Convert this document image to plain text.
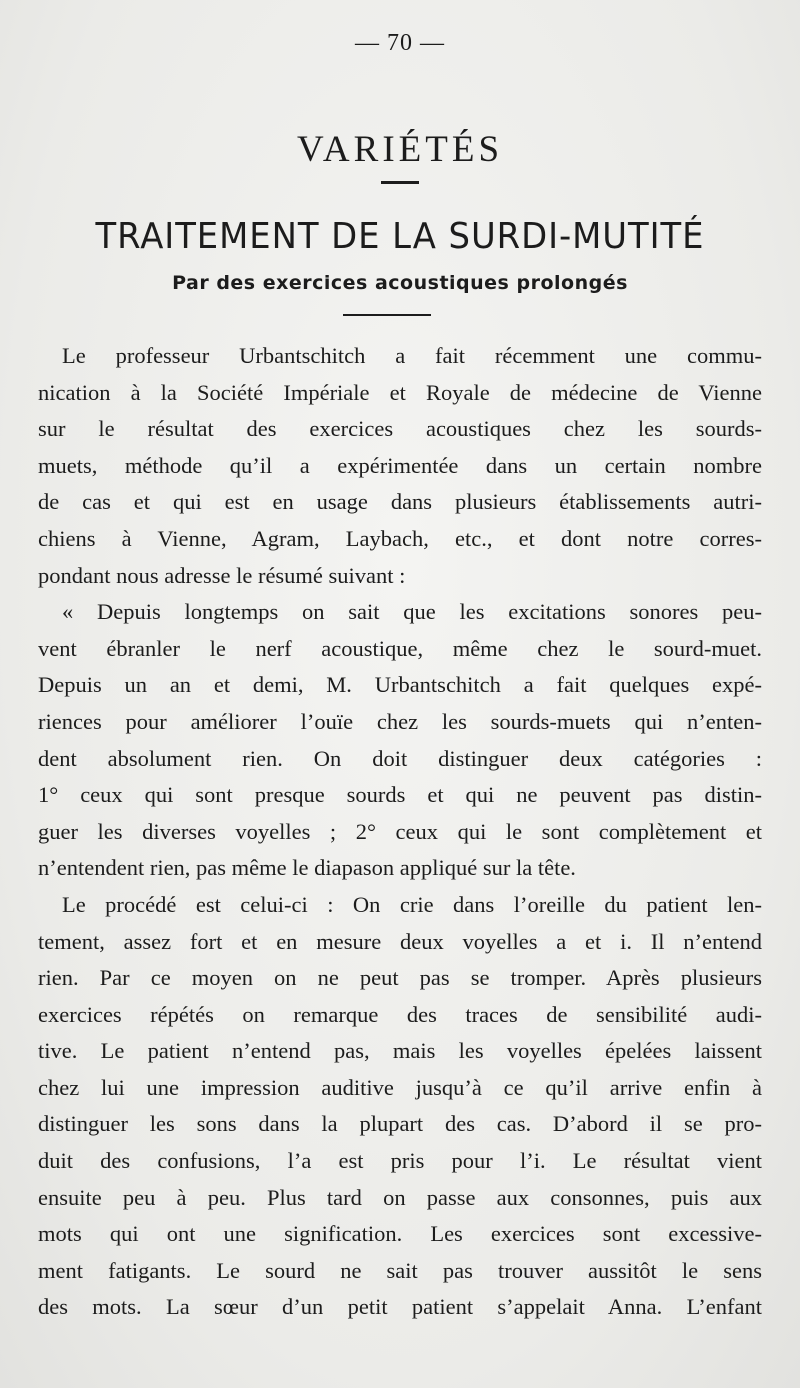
— 70 —
VARIÉTÉS
TRAITEMENT DE LA SURDI-MUTITÉ
Par des exercices acoustiques prolongés
Le professeur Urbantschitch a fait récemment une commu-
nication à la Société Impériale et Royale de médecine de Vienne
sur le résultat des exercices acoustiques chez les sourds-
muets, méthode qu’il a expérimentée dans un certain nombre
de cas et qui est en usage dans plusieurs établissements autri-
chiens à Vienne, Agram, Laybach, etc., et dont notre corres-
pondant nous adresse le résumé suivant :
« Depuis longtemps on sait que les excitations sonores peu-
vent ébranler le nerf acoustique, même chez le sourd-muet.
Depuis un an et demi, M. Urbantschitch a fait quelques expé-
riences pour améliorer l’ouïe chez les sourds-muets qui n’enten-
dent absolument rien. On doit distinguer deux catégories :
1° ceux qui sont presque sourds et qui ne peuvent pas distin-
guer les diverses voyelles ; 2° ceux qui le sont complètement et
n’entendent rien, pas même le diapason appliqué sur la tête.
Le procédé est celui-ci : On crie dans l’oreille du patient len-
tement, assez fort et en mesure deux voyelles a et i. Il n’entend
rien. Par ce moyen on ne peut pas se tromper. Après plusieurs
exercices répétés on remarque des traces de sensibilité audi-
tive. Le patient n’entend pas, mais les voyelles épelées laissent
chez lui une impression auditive jusqu’à ce qu’il arrive enfin à
distinguer les sons dans la plupart des cas. D’abord il se pro-
duit des confusions, l’a est pris pour l’i. Le résultat vient
ensuite peu à peu. Plus tard on passe aux consonnes, puis aux
mots qui ont une signification. Les exercices sont excessive-
ment fatigants. Le sourd ne sait pas trouver aussitôt le sens
des mots. La sœur d’un petit patient s’appelait Anna. L’enfant
